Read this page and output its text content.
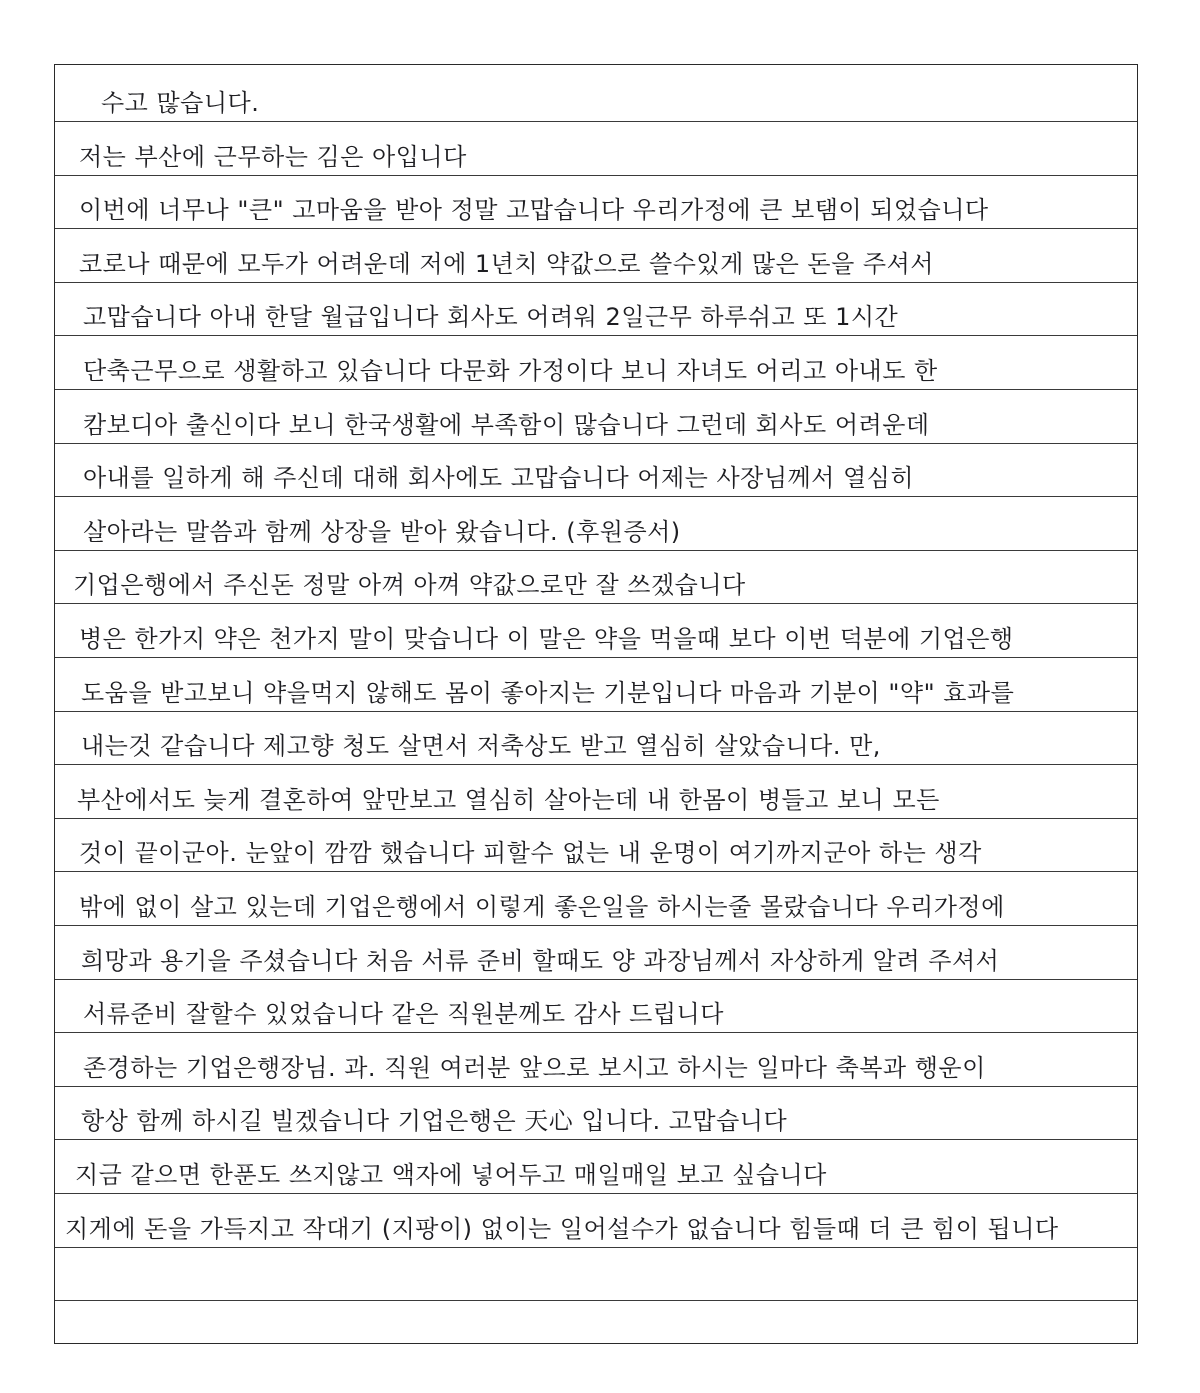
수고 많습니다.
저는 부산에 근무하는 김은 아입니다
이번에 너무나 "큰" 고마움을 받아 정말 고맙습니다 우리가정에 큰 보탬이 되었습니다
코로나 때문에 모두가 어려운데 저에 1년치 약값으로 쓸수있게 많은 돈을 주셔서
고맙습니다 아내 한달 월급입니다 회사도 어려워 2일근무 하루쉬고 또 1시간
단축근무으로 생활하고 있습니다 다문화 가정이다 보니 자녀도 어리고 아내도 한
캄보디아 출신이다 보니 한국생활에 부족함이 많습니다 그런데 회사도 어려운데
아내를 일하게 해 주신데 대해 회사에도 고맙습니다 어제는 사장님께서 열심히
살아라는 말씀과 함께 상장을 받아 왔습니다. (후원증서)
기업은행에서 주신돈 정말 아껴 아껴 약값으로만 잘 쓰겠습니다
병은 한가지 약은 천가지 말이 맞습니다 이 말은 약을 먹을때 보다 이번 덕분에 기업은행
도움을 받고보니 약을먹지 않해도 몸이 좋아지는 기분입니다 마음과 기분이 "약" 효과를
내는것 같습니다 제고향 청도 살면서 저축상도 받고 열심히 살았습니다. 만,
부산에서도 늦게 결혼하여 앞만보고 열심히 살아는데 내 한몸이 병들고 보니 모든
것이 끝이군아. 눈앞이 깜깜 했습니다 피할수 없는 내 운명이 여기까지군아 하는 생각
밖에 없이 살고 있는데 기업은행에서 이렇게 좋은일을 하시는줄 몰랐습니다 우리가정에
희망과 용기을 주셨습니다 처음 서류 준비 할때도 양 과장님께서 자상하게 알려 주셔서
서류준비 잘할수 있었습니다 같은 직원분께도 감사 드립니다
존경하는 기업은행장님. 과. 직원 여러분 앞으로 보시고 하시는 일마다 축복과 행운이
항상 함께 하시길 빌겠습니다 기업은행은 天心 입니다. 고맙습니다
지금 같으면 한푼도 쓰지않고 액자에 넣어두고 매일매일 보고 싶습니다
지게에 돈을 가득지고 작대기 (지팡이) 없이는 일어설수가 없습니다 힘들때 더 큰 힘이 됩니다
